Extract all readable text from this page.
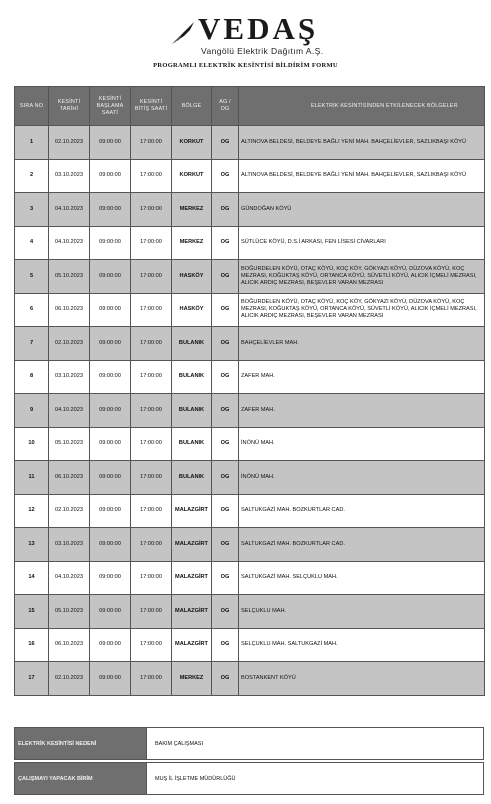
VEDAŞ
Vangölü Elektrik Dağıtım A.Ş.
PROGRAMLI ELEKTRİK KESİNTİSİ BİLDİRİM FORMU
SIRA NO	KESİNTİ TARİHİ	KESİNTİ BAŞLAMA SAATİ	KESİNTİ BİTİŞ SAATİ	BÖLGE	AG / OG	ELEKTRİK KESİNTİSİNDEN ETKİLENECEK BÖLGELER
1	02.10.2023	09:00:00	17:00:00	KORKUT	OG	ALTINOVA BELDESİ, BELDEYE BAĞLI YENİ MAH. BAHÇELİEVLER, SAZLIKBAŞI KÖYÜ
2	03.10.2023	09:00:00	17:00:00	KORKUT	OG	ALTINOVA BELDESİ, BELDEYE BAĞLI YENİ MAH. BAHÇELİEVLER, SAZLIKBAŞI KÖYÜ
3	04.10.2023	09:00:00	17:00:00	MERKEZ	OG	GÜNDOĞAN KÖYÜ
4	04.10.2023	09:00:00	17:00:00	MERKEZ	OG	SÜTLÜCE KÖYÜ, D.S.İ ARKASI, FEN LİSESİ CİVARLARI
5	05.10.2023	09:00:00	17:00:00	HASKÖY	OG	BOĞURDELEN KÖYÜ, OTAÇ KÖYÜ, KOÇ KÖY, GÖKYAZI KÖYÜ, DÜZOVA KÖYÜ, KOÇ MEZRASI, KOĞUKTAŞ KÖYÜ, ORTANCA KÖYÜ, SÜVETLİ KÖYÜ, ALICIK İÇMELİ MEZRASI, ALICIK ARDIÇ MEZRASI, BEŞEVLER VARAN MEZRASI
6	06.10.2023	09:00:00	17:00:00	HASKÖY	OG	BOĞURDELEN KÖYÜ, OTAÇ KÖYÜ, KOÇ KÖY, GÖKYAZI KÖYÜ, DÜZOVA KÖYÜ, KOÇ MEZRASI, KOĞUKTAŞ KÖYÜ, ORTANCA KÖYÜ, SÜVETLİ KÖYÜ, ALICIK İÇMELİ MEZRASI, ALICIK ARDIÇ MEZRASI, BEŞEVLER VARAN MEZRASI
7	02.10.2023	09:00:00	17:00:00	BULANIK	OG	BAHÇELİEVLER MAH.
8	03.10.2023	09:00:00	17:00:00	BULANIK	OG	ZAFER MAH.
9	04.10.2023	09:00:00	17:00:00	BULANIK	OG	ZAFER MAH.
10	05.10.2023	09:00:00	17:00:00	BULANIK	OG	İNÖNÜ MAH.
11	06.10.2023	09:00:00	17:00:00	BULANIK	OG	İNÖNÜ MAH.
12	02.10.2023	09:00:00	17:00:00	MALAZGİRT	OG	SALTUKGAZİ MAH. BOZKURTLAR CAD.
13	03.10.2023	09:00:00	17:00:00	MALAZGİRT	OG	SALTUKGAZİ MAH. BOZKURTLAR CAD.
14	04.10.2023	09:00:00	17:00:00	MALAZGİRT	OG	SALTUKGAZİ MAH. SELÇUKLU MAH.
15	05.10.2023	09:00:00	17:00:00	MALAZGİRT	OG	SELÇUKLU MAH.
16	06.10.2023	09:00:00	17:00:00	MALAZGİRT	OG	SELÇUKLU MAH. SALTUKGAZİ MAH.
17	02.10.2023	09:00:00	17:00:00	MERKEZ	OG	BOSTANKENT KÖYÜ
ELEKTRİK KESİNTİSİ NEDENİ	BAKIM ÇALIŞMASI
ÇALIŞMAYI YAPACAK BİRİM	MUŞ İL İŞLETME MÜDÜRLÜĞÜ
